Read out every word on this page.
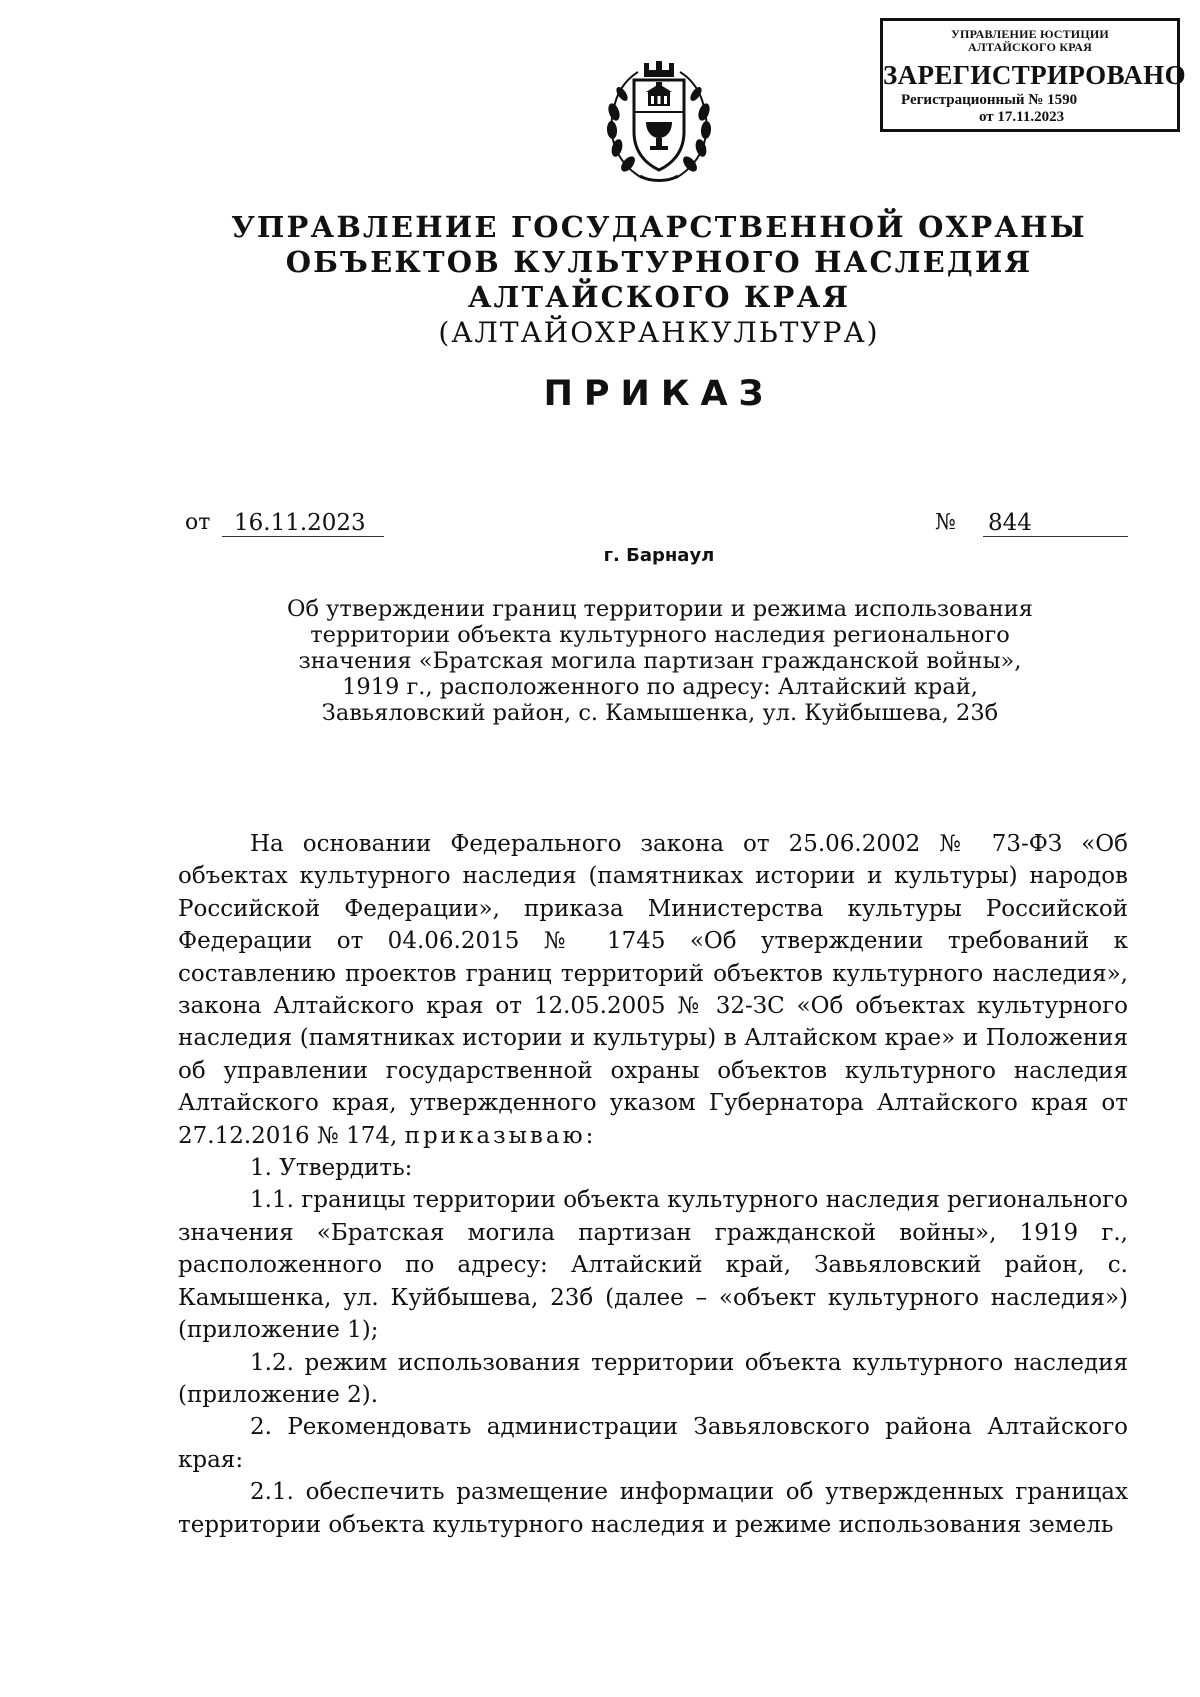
УПРАВЛЕНИЕ ЮСТИЦИИ
АЛТАЙСКОГО КРАЯ
ЗАРЕГИСТРИРОВАНО
Регистрационный № 1590
от 17.11.2023
УПРАВЛЕНИЕ ГОСУДАРСТВЕННОЙ ОХРАНЫ
ОБЪЕКТОВ КУЛЬТУРНОГО НАСЛЕДИЯ
АЛТАЙСКОГО КРАЯ
(АЛТАЙОХРАНКУЛЬТУРА)
ПРИКАЗ
от	16.11.2023	№ 844
г. Барнаул
Об утверждении границ территории и режима использования
территории объекта культурного наследия регионального
значения «Братская могила партизан гражданской войны»,
1919 г., расположенного по адресу: Алтайский край,
Завьяловский район, с. Камышенка, ул. Куйбышева, 23б

На основании Федерального закона от 25.06.2002 № 73-ФЗ «Об объектах культурного наследия (памятниках истории и культуры) народов Российской Федерации», приказа Министерства культуры Российской Федерации от 04.06.2015 № 1745 «Об утверждении требований к составлению проектов границ территорий объектов культурного наследия», закона Алтайского края от 12.05.2005 № 32-ЗС «Об объектах культурного наследия (памятниках истории и культуры) в Алтайском крае» и Положения об управлении государственной охраны объектов культурного наследия Алтайского края, утвержденного указом Губернатора Алтайского края от 27.12.2016 № 174, приказываю:

1. Утвердить:

1.1. границы территории объекта культурного наследия регионального значения «Братская могила партизан гражданской войны», 1919 г., расположенного по адресу: Алтайский край, Завьяловский район, с. Камышенка, ул. Куйбышева, 23б (далее – «объект культурного наследия») (приложение 1);

1.2. режим использования территории объекта культурного наследия (приложение 2).

2. Рекомендовать администрации Завьяловского района Алтайского края:

2.1. обеспечить размещение информации об утвержденных границах территории объекта культурного наследия и режиме использования земель
